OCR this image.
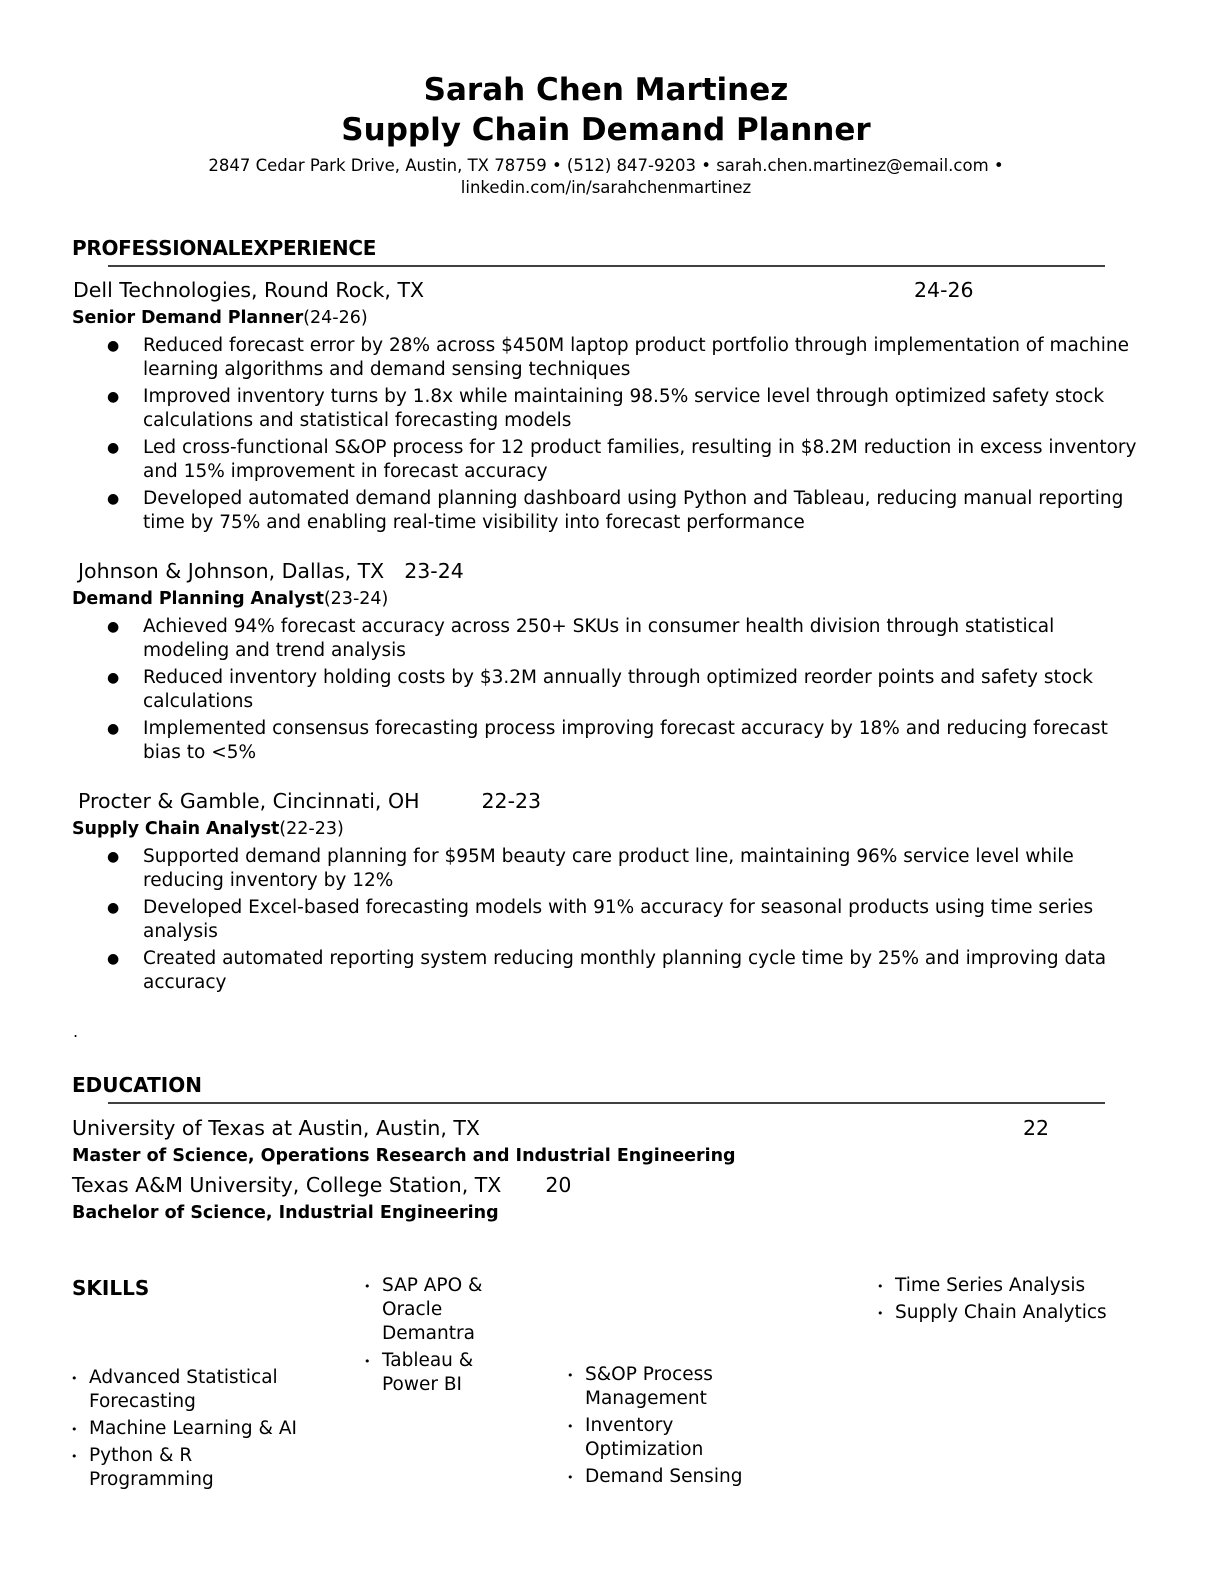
Sarah Chen Martinez
Supply Chain Demand Planner
2847 Cedar Park Drive, Austin, TX 78759 • (512) 847-9203 • sarah.chen.martinez@email.com •
linkedin.com/in/sarahchenmartinez
PROFESSIONALEXPERIENCE
Dell Technologies, Round Rock, TX	24-26
Senior Demand Planner(24-26)
● Reduced forecast error by 28% across $450M laptop product portfolio through implementation of machine learning algorithms and demand sensing techniques
● Improved inventory turns by 1.8x while maintaining 98.5% service level through optimized safety stock calculations and statistical forecasting models
● Led cross-functional S&OP process for 12 product families, resulting in $8.2M reduction in excess inventory and 15% improvement in forecast accuracy
● Developed automated demand planning dashboard using Python and Tableau, reducing manual reporting time by 75% and enabling real-time visibility into forecast performance
Johnson & Johnson, Dallas, TX 23-24
Demand Planning Analyst(23-24)
● Achieved 94% forecast accuracy across 250+ SKUs in consumer health division through statistical modeling and trend analysis
● Reduced inventory holding costs by $3.2M annually through optimized reorder points and safety stock calculations
● Implemented consensus forecasting process improving forecast accuracy by 18% and reducing forecast bias to <5%
Procter & Gamble, Cincinnati, OH	22-23
Supply Chain Analyst(22-23)
● Supported demand planning for $95M beauty care product line, maintaining 96% service level while reducing inventory by 12%
● Developed Excel-based forecasting models with 91% accuracy for seasonal products using time series analysis
● Created automated reporting system reducing monthly planning cycle time by 25% and improving data accuracy
.
EDUCATION
University of Texas at Austin, Austin, TX	22
Master of Science, Operations Research and Industrial Engineering
Texas A&M University, College Station, TX 20
Bachelor of Science, Industrial Engineering
SKILLS
• Advanced Statistical Forecasting
• Machine Learning & AI
• Python & R Programming
• SAP APO & Oracle Demantra
• Tableau & Power BI	• S&OP Process Management
• Inventory Optimization
• Demand Sensing
• Time Series Analysis
• Supply Chain Analytics
